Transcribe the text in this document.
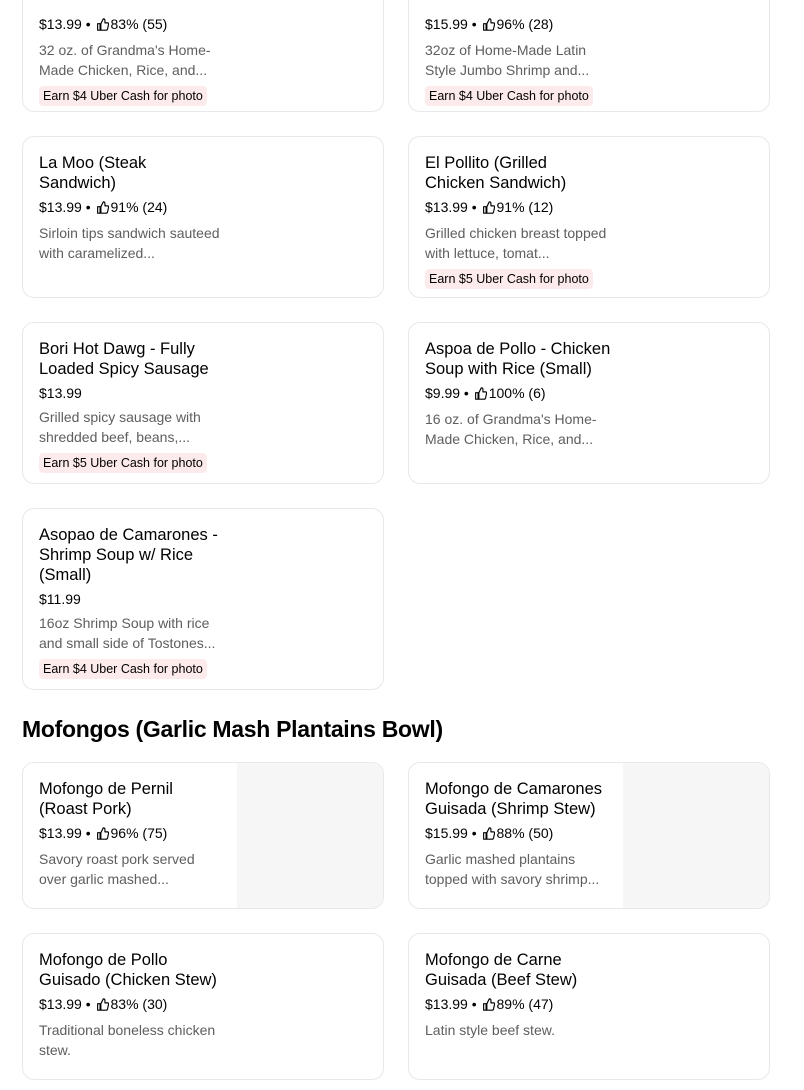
$13.99 • 83% (55)
32 oz. of Grandma's Home-Made Chicken, Rice, and...
Earn $4 Uber Cash for photo
$15.99 • 96% (28)
32oz of Home-Made Latin Style Jumbo Shrimp and...
Earn $4 Uber Cash for photo
La Moo (Steak Sandwich)
$13.99 • 91% (24)
Sirloin tips sandwich sauteed with caramelized...
El Pollito (Grilled Chicken Sandwich)
$13.99 • 91% (12)
Grilled chicken breast topped with lettuce, tomat...
Earn $5 Uber Cash for photo
Bori Hot Dawg - Fully Loaded Spicy Sausage
$13.99
Grilled spicy sausage with shredded beef, beans,...
Earn $5 Uber Cash for photo
Aspoa de Pollo - Chicken Soup with Rice (Small)
$9.99 • 100% (6)
16 oz. of Grandma's Home-Made Chicken, Rice, and...
Asopao de Camarones - Shrimp Soup w/ Rice (Small)
$11.99
16oz Shrimp Soup with rice and small side of Tostones...
Earn $4 Uber Cash for photo
Mofongos (Garlic Mash Plantains Bowl)
Mofongo de Pernil (Roast Pork)
$13.99 • 96% (75)
Savory roast pork served over garlic mashed...
Mofongo de Camarones Guisada (Shrimp Stew)
$15.99 • 88% (50)
Garlic mashed plantains topped with savory shrimp...
Mofongo de Pollo Guisado (Chicken Stew)
$13.99 • 83% (30)
Traditional boneless chicken stew.
Mofongo de Carne Guisada (Beef Stew)
$13.99 • 89% (47)
Latin style beef stew.
